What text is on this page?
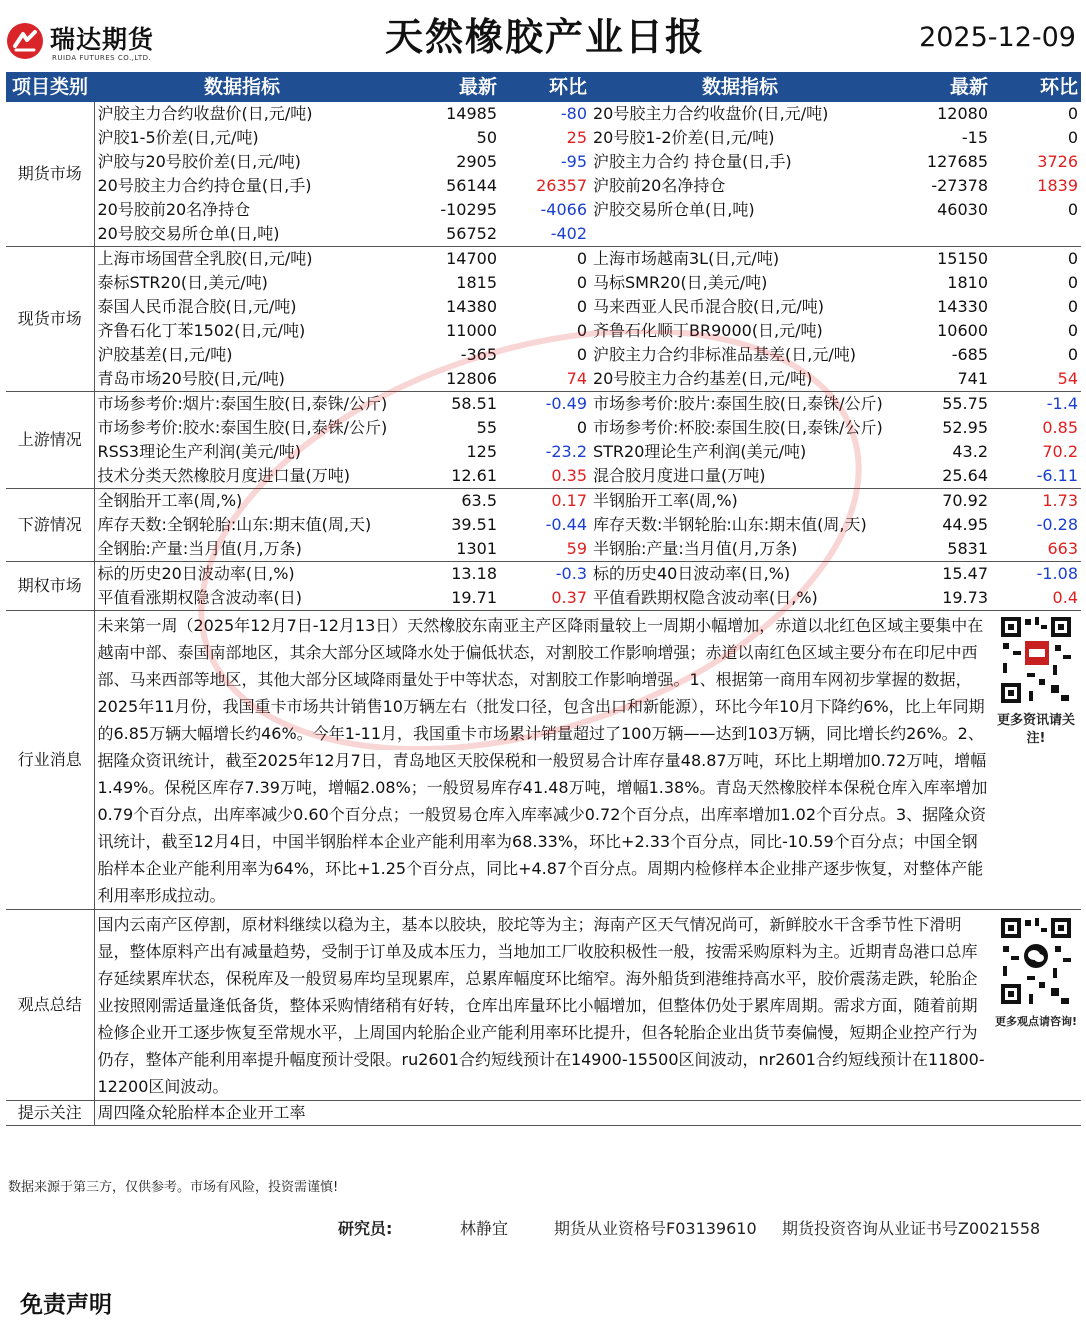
瑞达期货
RUIDA FUTURES CO.,LTD.	天然橡胶产业日报	2025-12-09
项目类别	数据指标	最新	环比	数据指标	最新	环比
期货市场	沪胶主力合约收盘价(日,元/吨)	14985	-80	20号胶主力合约收盘价(日,元/吨)	12080	0
	沪胶1-5价差(日,元/吨)	50	25	20号胶1-2价差(日,元/吨)	-15	0
	沪胶与20号胶价差(日,元/吨)	2905	-95	沪胶主力合约 持仓量(日,手)	127685	3726
	20号胶主力合约持仓量(日,手)	56144	26357	沪胶前20名净持仓	-27378	1839
	20号胶前20名净持仓	-10295	-4066	沪胶交易所仓单(日,吨)	46030	0
	20号胶交易所仓单(日,吨)	56752	-402			
现货市场	上海市场国营全乳胶(日,元/吨)	14700	0	上海市场越南3L(日,元/吨)	15150	0
	泰标STR20(日,美元/吨)	1815	0	马标SMR20(日,美元/吨)	1810	0
	泰国人民币混合胶(日,元/吨)	14380	0	马来西亚人民币混合胶(日,元/吨)	14330	0
	齐鲁石化丁苯1502(日,元/吨)	11000	0	齐鲁石化顺丁BR9000(日,元/吨)	10600	0
	沪胶基差(日,元/吨)	-365	0	沪胶主力合约非标准品基差(日,元/吨)	-685	0
	青岛市场20号胶(日,元/吨)	12806	74	20号胶主力合约基差(日,元/吨)	741	54
上游情况	市场参考价:烟片:泰国生胶(日,泰铢/公斤)	58.51	-0.49	市场参考价:胶片:泰国生胶(日,泰铢/公斤)	55.75	-1.4
	市场参考价:胶水:泰国生胶(日,泰铢/公斤)	55	0	市场参考价:杯胶:泰国生胶(日,泰铢/公斤)	52.95	0.85
	RSS3理论生产利润(美元/吨)	125	-23.2	STR20理论生产利润(美元/吨)	43.2	70.2
	技术分类天然橡胶月度进口量(万吨)	12.61	0.35	混合胶月度进口量(万吨)	25.64	-6.11
下游情况	全钢胎开工率(周,%)	63.5	0.17	半钢胎开工率(周,%)	70.92	1.73
	库存天数:全钢轮胎:山东:期末值(周,天)	39.51	-0.44	库存天数:半钢轮胎:山东:期末值(周,天)	44.95	-0.28
	全钢胎:产量:当月值(月,万条)	1301	59	半钢胎:产量:当月值(月,万条)	5831	663
期权市场	标的历史20日波动率(日,%)	13.18	-0.3	标的历史40日波动率(日,%)	15.47	-1.08
	平值看涨期权隐含波动率(日)	19.71	0.37	平值看跌期权隐含波动率(日,%)	19.73	0.4
行业消息	未来第一周（2025年12月7日-12月13日）天然橡胶东南亚主产区降雨量较上一周期小幅增加，赤道以北红色区域主要集中在越南中部、泰国南部地区，其余大部分区域降水处于偏低状态，对割胶工作影响增强；赤道以南红色区域主要分布在印尼中西部、马来西部等地区，其他大部分区域降雨量处于中等状态，对割胶工作影响增强。1、根据第一商用车网初步掌握的数据，2025年11月份，我国重卡市场共计销售10万辆左右（批发口径，包含出口和新能源），环比今年10月下降约6%，比上年同期的6.85万辆大幅增长约46%。今年1-11月，我国重卡市场累计销量超过了100万辆——达到103万辆，同比增长约26%。2、据隆众资讯统计，截至2025年12月7日，青岛地区天胶保税和一般贸易合计库存量48.87万吨，环比上期增加0.72万吨，增幅1.49%。保税区库存7.39万吨，增幅2.08%；一般贸易库存41.48万吨，增幅1.38%。青岛天然橡胶样本保税仓库入库率增加0.79个百分点，出库率减少0.60个百分点；一般贸易仓库入库率减少0.72个百分点，出库率增加1.02个百分点。3、据隆众资讯统计，截至12月4日，中国半钢胎样本企业产能利用率为68.33%，环比+2.33个百分点，同比-10.59个百分点；中国全钢胎样本企业产能利用率为64%，环比+1.25个百分点，同比+4.87个百分点。周期内检修样本企业排产逐步恢复，对整体产能利用率形成拉动。					更多资讯请关注!

观点总结	国内云南产区停割，原材料继续以稳为主，基本以胶块，胶坨等为主；海南产区天气情况尚可，新鲜胶水干含季节性下滑明显，整体原料产出有减量趋势，受制于订单及成本压力，当地加工厂收胶积极性一般，按需采购原料为主。近期青岛港口总库存延续累库状态，保税库及一般贸易库均呈现累库，总累库幅度环比缩窄。海外船货到港维持高水平，胶价震荡走跌，轮胎企业按照刚需适量逢低备货，整体采购情绪稍有好转，仓库出库量环比小幅增加，但整体仍处于累库周期。需求方面，随着前期检修企业开工逐步恢复至常规水平，上周国内轮胎企业产能利用率环比提升，但各轮胎企业出货节奏偏慢，短期企业控产行为仍存，整体产能利用率提升幅度预计受限。ru2601合约短线预计在14900-15500区间波动，nr2601合约短线预计在11800-12200区间波动。					更多观点请咨询!

提示关注	周四隆众轮胎样本企业开工率					
数据来源于第三方，仅供参考。市场有风险，投资需谨慎!
研究员:	林静宜	期货从业资格号F03139610 期货投资咨询从业证书号Z0021558
免责声明
